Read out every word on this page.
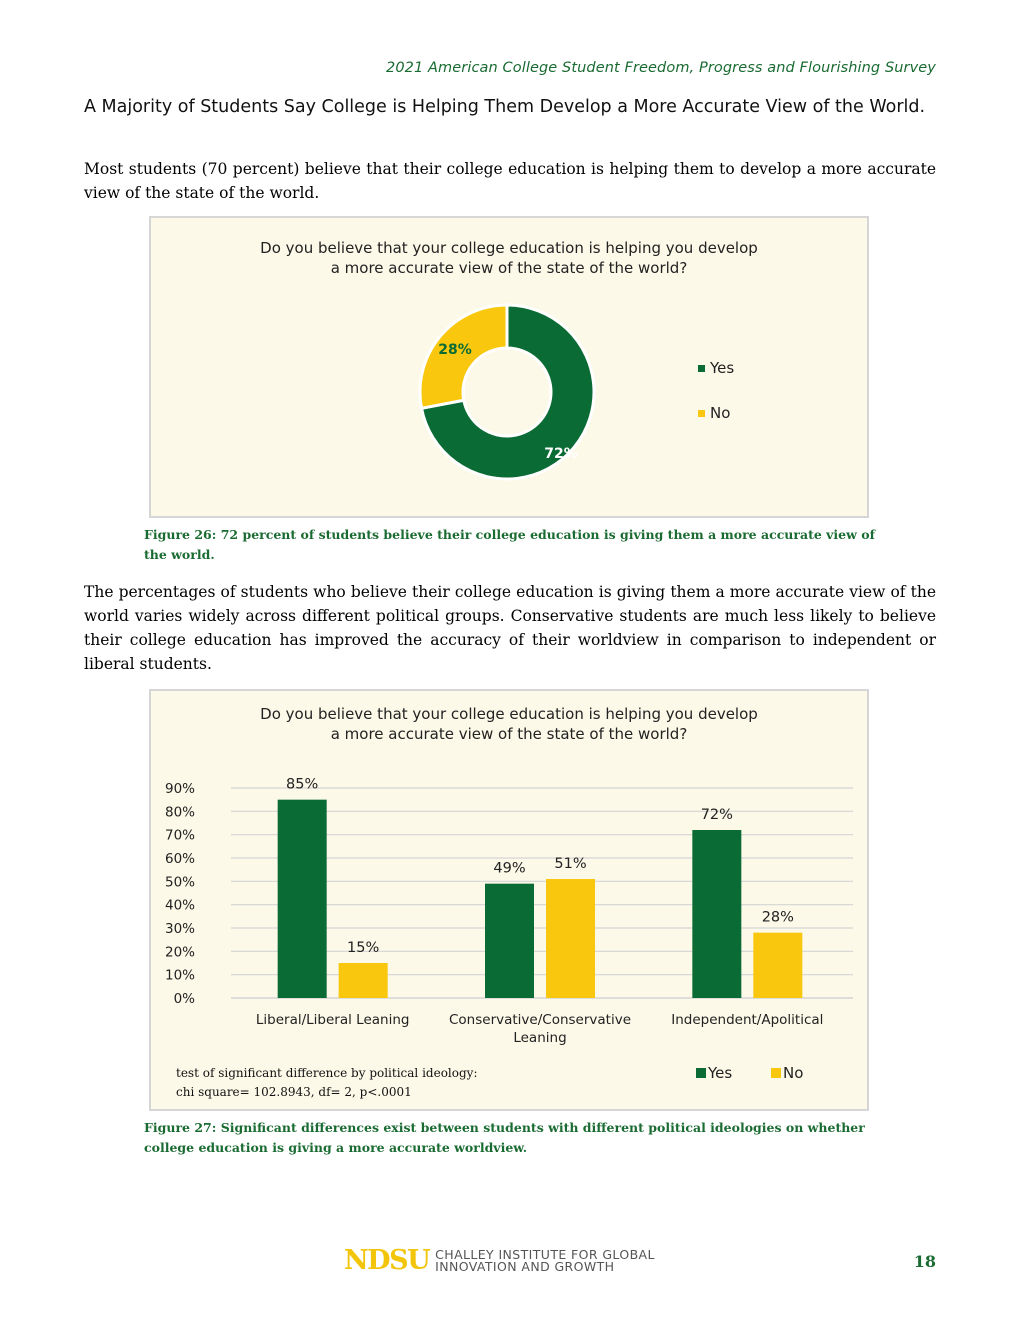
2021 American College Student Freedom, Progress and Flourishing Survey
A Majority of Students Say College is Helping Them Develop a More Accurate View of the World.
Most students (70 percent) believe that their college education is helping them to develop a more accurate view of the state of the world.
Do you believe that your college education is helping you develop
a more accurate view of the state of the world?
72%
28%
Yes
No
Figure 26: 72 percent of students believe their college education is giving them a more accurate view of the world.
The percentages of students who believe their college education is giving them a more accurate view of the world varies widely across different political groups. Conservative students are much less likely to believe their college education has improved the accuracy of their worldview in comparison to independent or liberal students.
Do you believe that your college education is helping you develop
a more accurate view of the state of the world?
0%
10%
20%
30%
40%
50%
60%
70%
80%
90%	85%
15%
Liberal/Liberal Leaning
49% 51%
Conservative/Conservative
Leaning
72%
28%
Independent/Apolitical
Yes	No
test of significant difference by political ideology:
chi square= 102.8943, df= 2, p<.0001
Figure 27: Significant differences exist between students with different political ideologies on whether college education is giving a more accurate worldview.
NDSU CHALLEY INSTITUTE FOR GLOBAL
INNOVATION AND GROWTH	18
